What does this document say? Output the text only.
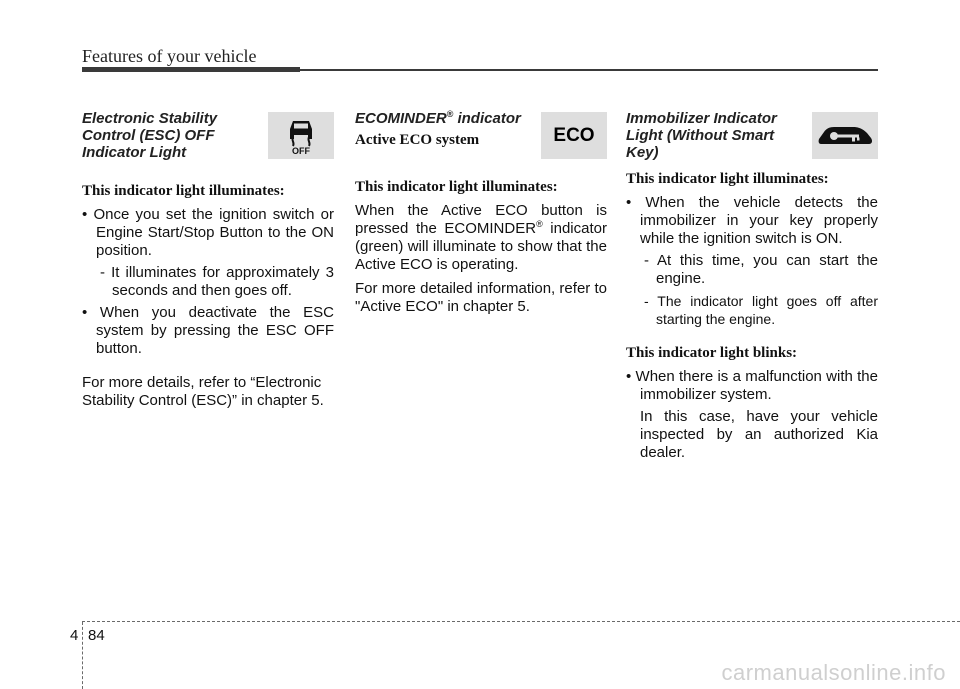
Features of your vehicle
Electronic Stability Control (ESC) OFF Indicator Light	OFF

This indicator light illuminates:

• Once you set the ignition switch or Engine Start/Stop Button to the ON position.
- It illuminates for approximately 3 seconds and then goes off.
• When you deactivate the ESC system by pressing the ESC OFF button.

For more details, refer to “Electronic Stability Control (ESC)” in chapter 5.

ECOMINDER® indicator
Active ECO system	ECO

This indicator light illuminates:

When the Active ECO button is pressed the ECOMINDER® indicator (green) will illuminate to show that the Active ECO is operating.

For more detailed information, refer to "Active ECO" in chapter 5.

Immobilizer Indicator Light (Without Smart Key)

This indicator light illuminates:

• When the vehicle detects the immobilizer in your key properly while the ignition switch is ON.
- At this time, you can start the engine.
- The indicator light goes off after starting the engine.

This indicator light blinks:

• When there is a malfunction with the immobilizer system.
In this case, have your vehicle inspected by an authorized Kia dealer.
4 84
carmanualsonline.info
